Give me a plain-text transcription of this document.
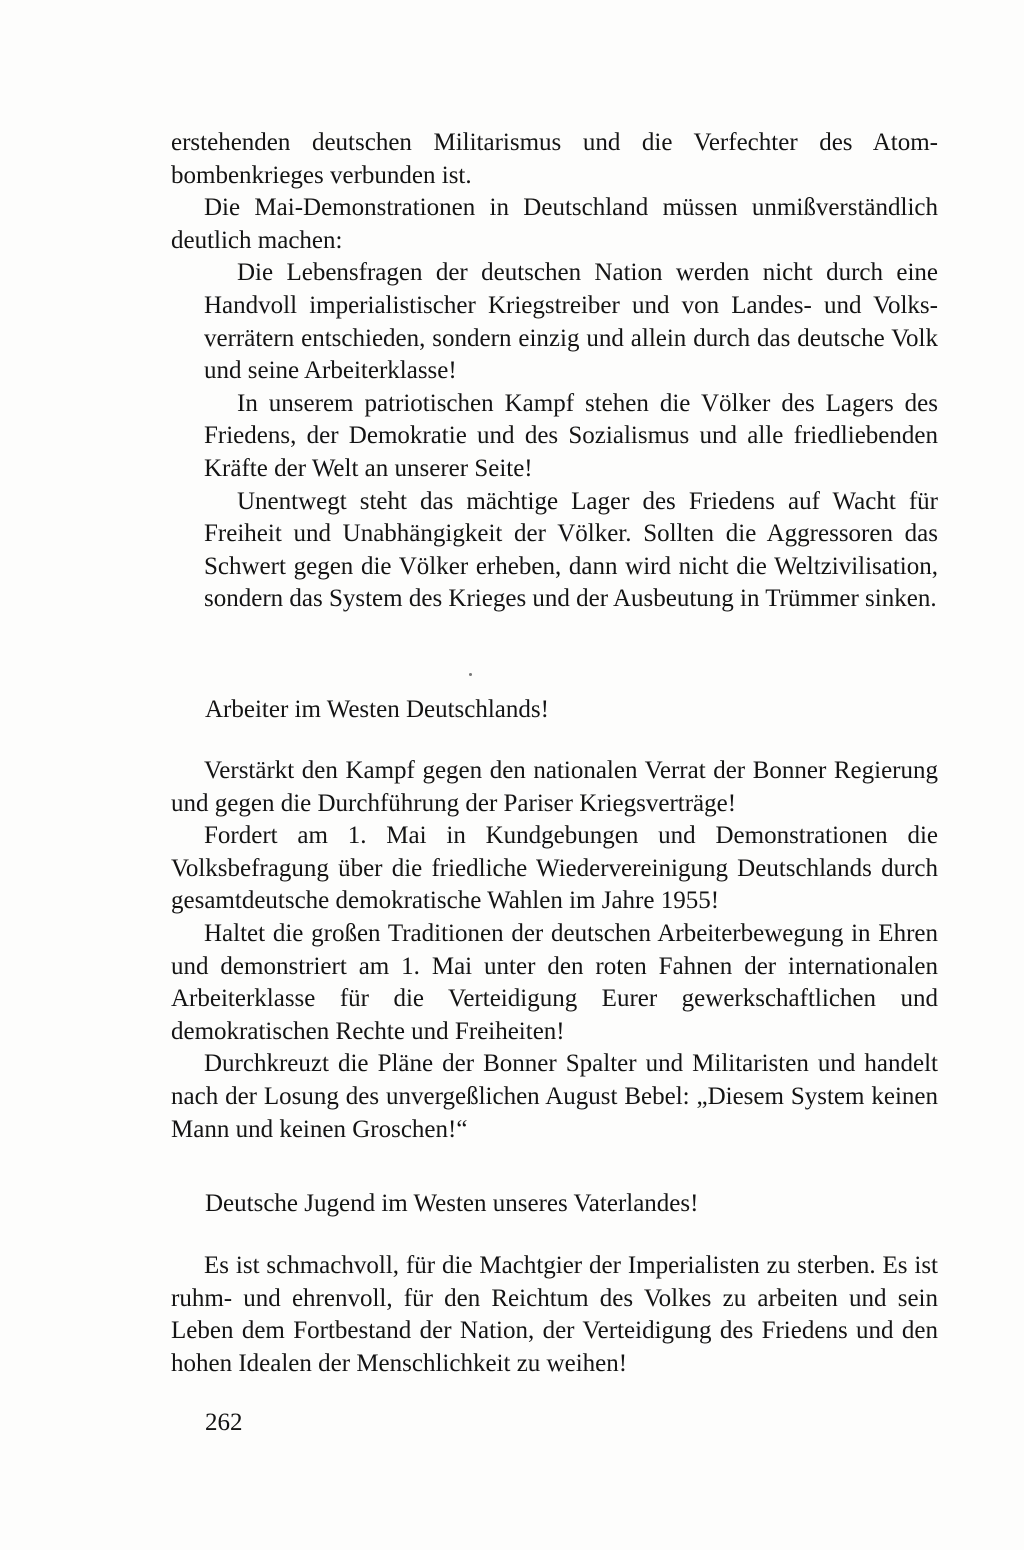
erstehenden deutschen Militarismus und die Verfechter des Atombombenkrieges verbunden ist.

Die Mai-Demonstrationen in Deutschland müssen unmißverständlich deutlich machen:

Die Lebensfragen der deutschen Nation werden nicht durch eine Handvoll imperialistischer Kriegstreiber und von Landes- und Volksverrätern entschieden, sondern einzig und allein durch das deutsche Volk und seine Arbeiterklasse!

In unserem patriotischen Kampf stehen die Völker des Lagers des Friedens, der Demokratie und des Sozialismus und alle friedliebenden Kräfte der Welt an unserer Seite!

Unentwegt steht das mächtige Lager des Friedens auf Wacht für Freiheit und Unabhängigkeit der Völker. Sollten die Aggressoren das Schwert gegen die Völker erheben, dann wird nicht die Weltzivilisation, sondern das System des Krieges und der Ausbeutung in Trümmer sinken.

Arbeiter im Westen Deutschlands!

Verstärkt den Kampf gegen den nationalen Verrat der Bonner Regierung und gegen die Durchführung der Pariser Kriegsverträge!

Fordert am 1. Mai in Kundgebungen und Demonstrationen die Volksbefragung über die friedliche Wiedervereinigung Deutschlands durch gesamtdeutsche demokratische Wahlen im Jahre 1955!

Haltet die großen Traditionen der deutschen Arbeiterbewegung in Ehren und demonstriert am 1. Mai unter den roten Fahnen der internationalen Arbeiterklasse für die Verteidigung Eurer gewerkschaftlichen und demokratischen Rechte und Freiheiten!

Durchkreuzt die Pläne der Bonner Spalter und Militaristen und handelt nach der Losung des unvergeßlichen August Bebel: „Diesem System keinen Mann und keinen Groschen!“

Deutsche Jugend im Westen unseres Vaterlandes!

Es ist schmachvoll, für die Machtgier der Imperialisten zu sterben. Es ist ruhm- und ehrenvoll, für den Reichtum des Volkes zu arbeiten und sein Leben dem Fortbestand der Nation, der Verteidigung des Friedens und den hohen Idealen der Menschlichkeit zu weihen!

262
